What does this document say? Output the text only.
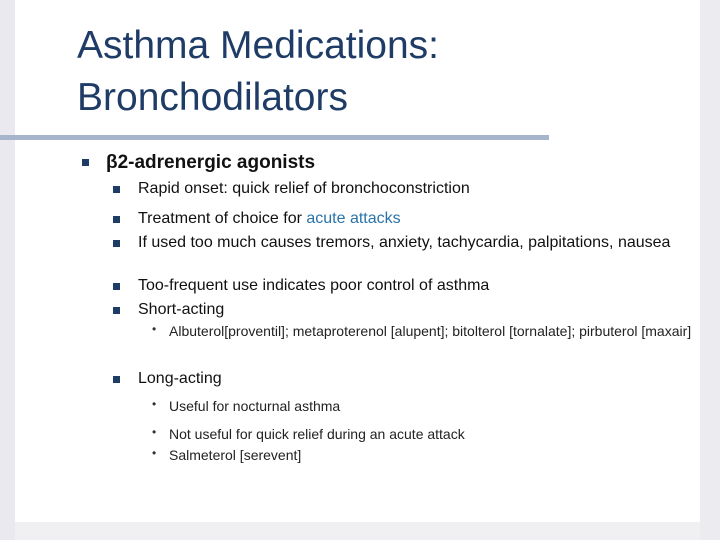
Asthma Medications:
Bronchodilators
β2-adrenergic agonists
Rapid onset: quick relief of bronchoconstriction
Treatment of choice for acute attacks
If used too much causes tremors, anxiety, tachycardia, palpitations, nausea
Too-frequent use indicates poor control of asthma
Short-acting
• Albuterol[proventil]; metaproterenol [alupent]; bitolterol [tornalate]; pirbuterol [maxair]
Long-acting
• Useful for nocturnal asthma
• Not useful for quick relief during an acute attack
• Salmeterol [serevent]
